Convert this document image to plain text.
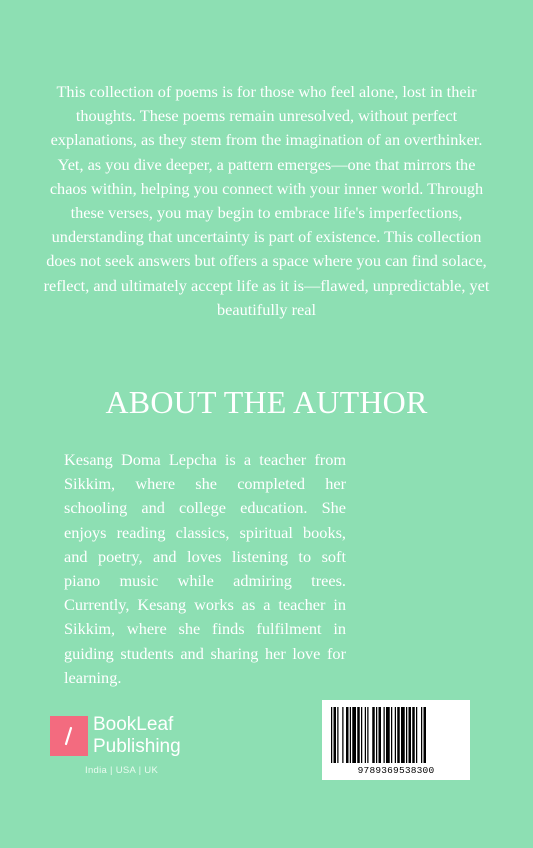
This collection of poems is for those who feel alone, lost in their thoughts. These poems remain unresolved, without perfect explanations, as they stem from the imagination of an overthinker. Yet, as you dive deeper, a pattern emerges—one that mirrors the chaos within, helping you connect with your inner world. Through these verses, you may begin to embrace life's imperfections, understanding that uncertainty is part of existence. This collection does not seek answers but offers a space where you can find solace, reflect, and ultimately accept life as it is—flawed, unpredictable, yet beautifully real
ABOUT THE AUTHOR
Kesang Doma Lepcha is a teacher from Sikkim, where she completed her schooling and college education. She enjoys reading classics, spiritual books, and poetry, and loves listening to soft piano music while admiring trees. Currently, Kesang works as a teacher in Sikkim, where she finds fulfilment in guiding students and sharing her love for learning.
BookLeaf
Publishing
India | USA | UK	9789369538300
